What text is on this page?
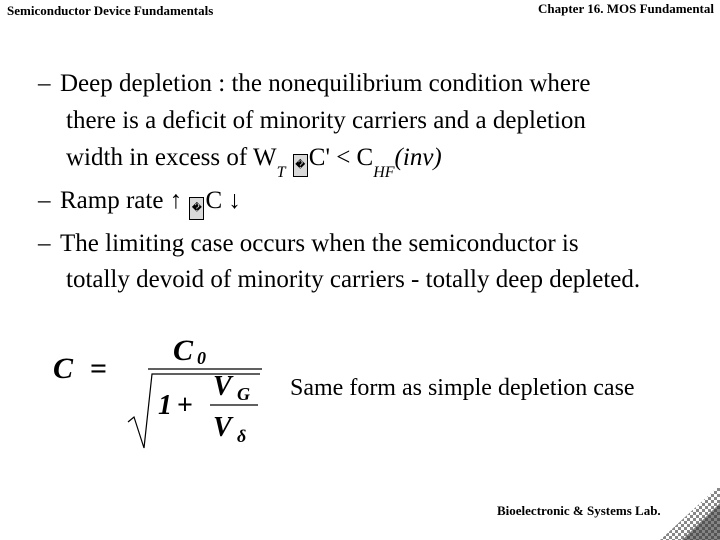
Semiconductor Device Fundamentals	Chapter 16. MOS Fundamental
– Deep depletion : the nonequilibrium condition where
there is a deficit of minority carriers and a depletion
width in excess of $W_T$ � $C' < C_{HF}(inv)$
– Ramp rate ↑ � C ↓
– The limiting case occurs when the semiconductor is
totally devoid of minority carriers - totally deep depleted.
C =
C 0
1 +
V G
V δ
Same form as simple depletion case
Bioelectronic & Systems Lab.
